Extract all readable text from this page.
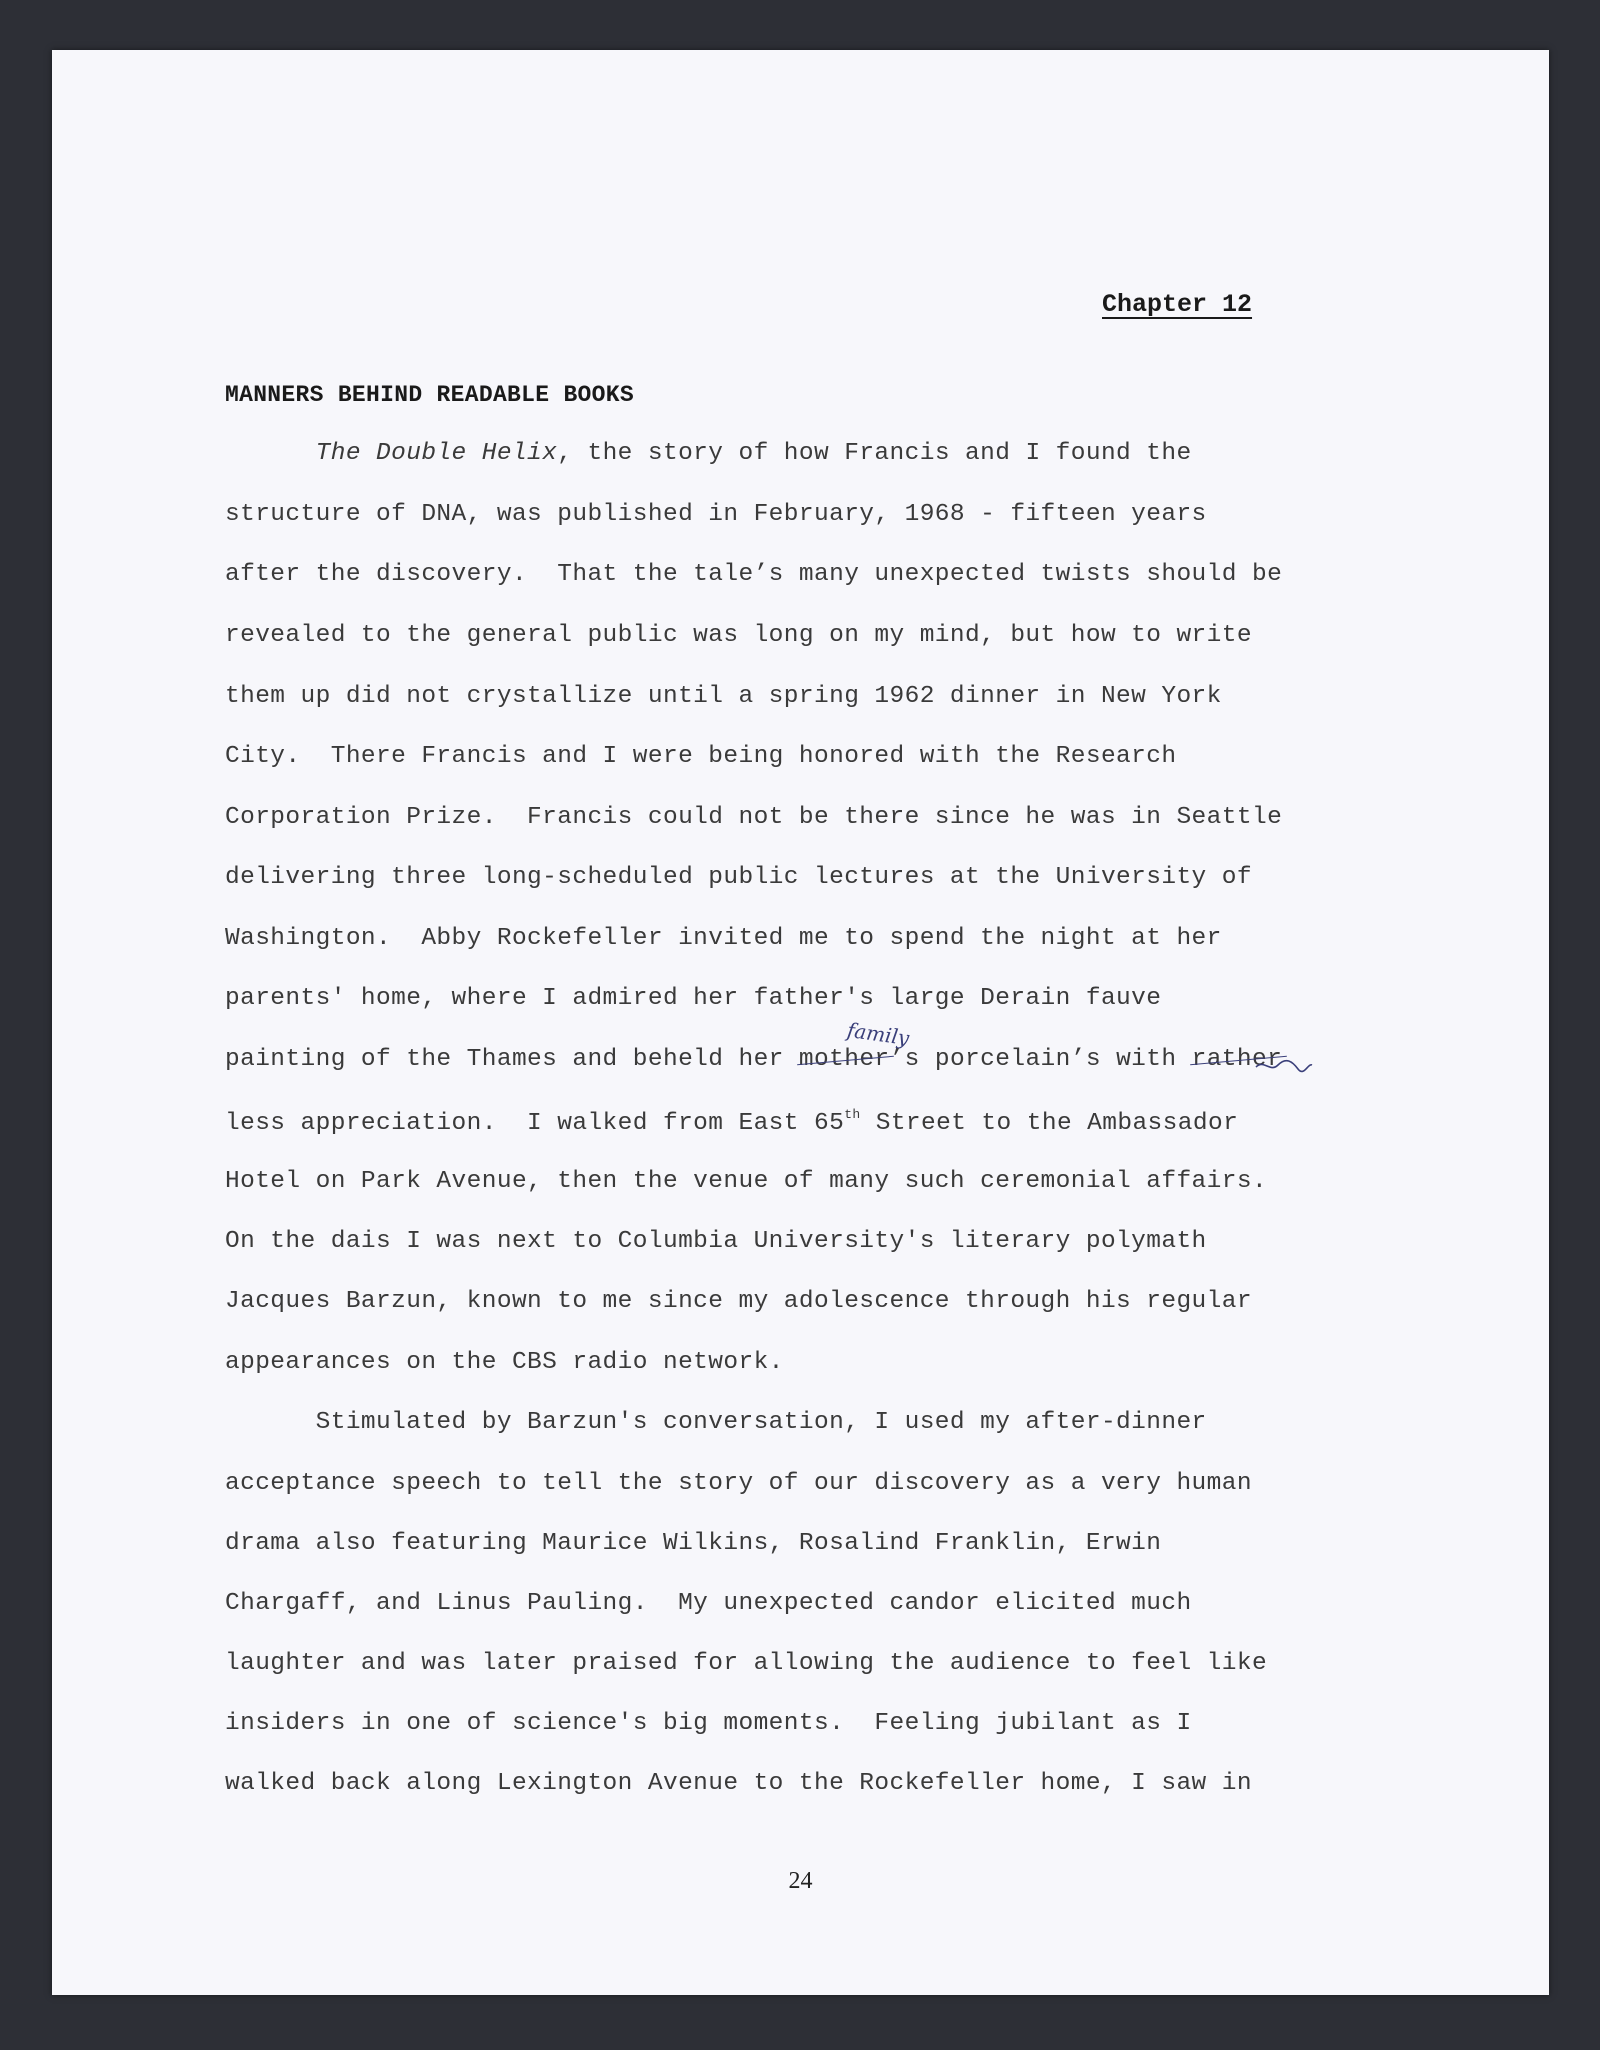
Chapter 12
MANNERS BEHIND READABLE BOOKS
The Double Helix, the story of how Francis and I found the
structure of DNA, was published in February, 1968 - fifteen years
after the discovery.  That the tale’s many unexpected twists should be
revealed to the general public was long on my mind, but how to write
them up did not crystallize until a spring 1962 dinner in New York
City.  There Francis and I were being honored with the Research
Corporation Prize.  Francis could not be there since he was in Seattle
delivering three long-scheduled public lectures at the University of
Washington.  Abby Rockefeller invited me to spend the night at her
parents' home, where I admired her father's large Derain fauve
painting of the Thames and beheld her mother’s porcelain’s with rather
family
less appreciation.  I walked from East 65th Street to the Ambassador
Hotel on Park Avenue, then the venue of many such ceremonial affairs.
On the dais I was next to Columbia University's literary polymath
Jacques Barzun, known to me since my adolescence through his regular
appearances on the CBS radio network.
Stimulated by Barzun's conversation, I used my after-dinner
acceptance speech to tell the story of our discovery as a very human
drama also featuring Maurice Wilkins, Rosalind Franklin, Erwin
Chargaff, and Linus Pauling.  My unexpected candor elicited much
laughter and was later praised for allowing the audience to feel like
insiders in one of science's big moments.  Feeling jubilant as I
walked back along Lexington Avenue to the Rockefeller home, I saw in
24
